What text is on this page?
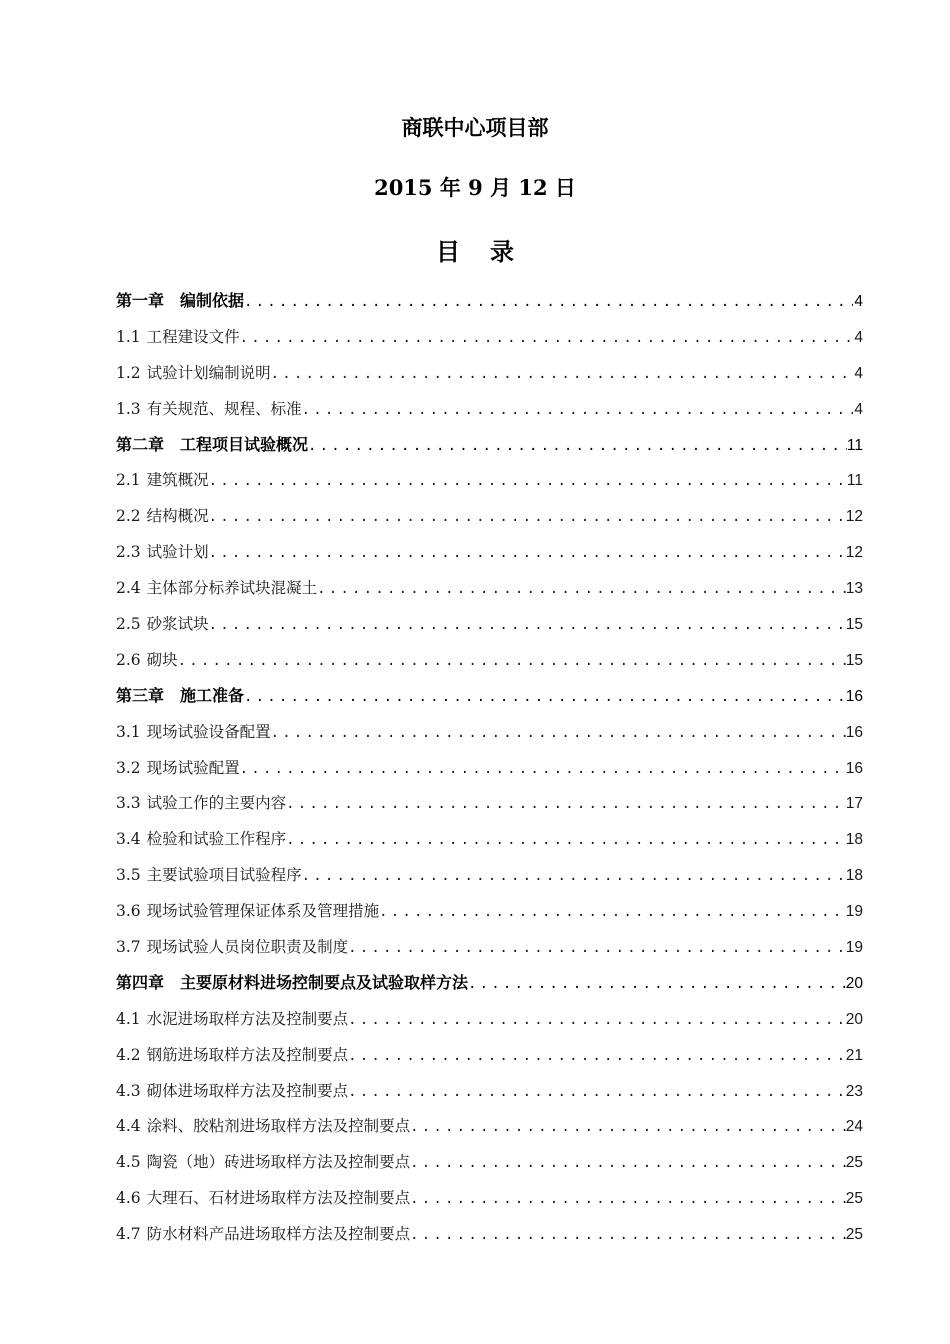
商联中心项目部
2015 年 9 月 12 日
目录
第一章 编制依据 .....	4
1.1 工程建设文件 .....	4
1.2 试验计划编制说明 .....	4
1.3 有关规范、规程、标准 .....	4
第二章 工程项目试验概况 .....	11
2.1 建筑概况 .....	11
2.2 结构概况 .....	12
2.3 试验计划 .....	12
2.4 主体部分标养试块混凝土 .....	13
2.5 砂浆试块 .....	15
2.6 砌块 .....	15
第三章 施工准备 .....	16
3.1 现场试验设备配置 .....	16
3.2 现场试验配置 .....	16
3.3 试验工作的主要内容 .....	17
3.4 检验和试验工作程序 .....	18
3.5 主要试验项目试验程序 .....	18
3.6 现场试验管理保证体系及管理措施 .....	19
3.7 现场试验人员岗位职责及制度 .....	19
第四章 主要原材料进场控制要点及试验取样方法 .....	20
4.1 水泥进场取样方法及控制要点 .....	20
4.2 钢筋进场取样方法及控制要点 .....	21
4.3 砌体进场取样方法及控制要点 .....	23
4.4 涂料、胶粘剂进场取样方法及控制要点 .....	24
4.5 陶瓷（地）砖进场取样方法及控制要点 .....	25
4.6 大理石、石材进场取样方法及控制要点 .....	25
4.7 防水材料产品进场取样方法及控制要点 .....	25
